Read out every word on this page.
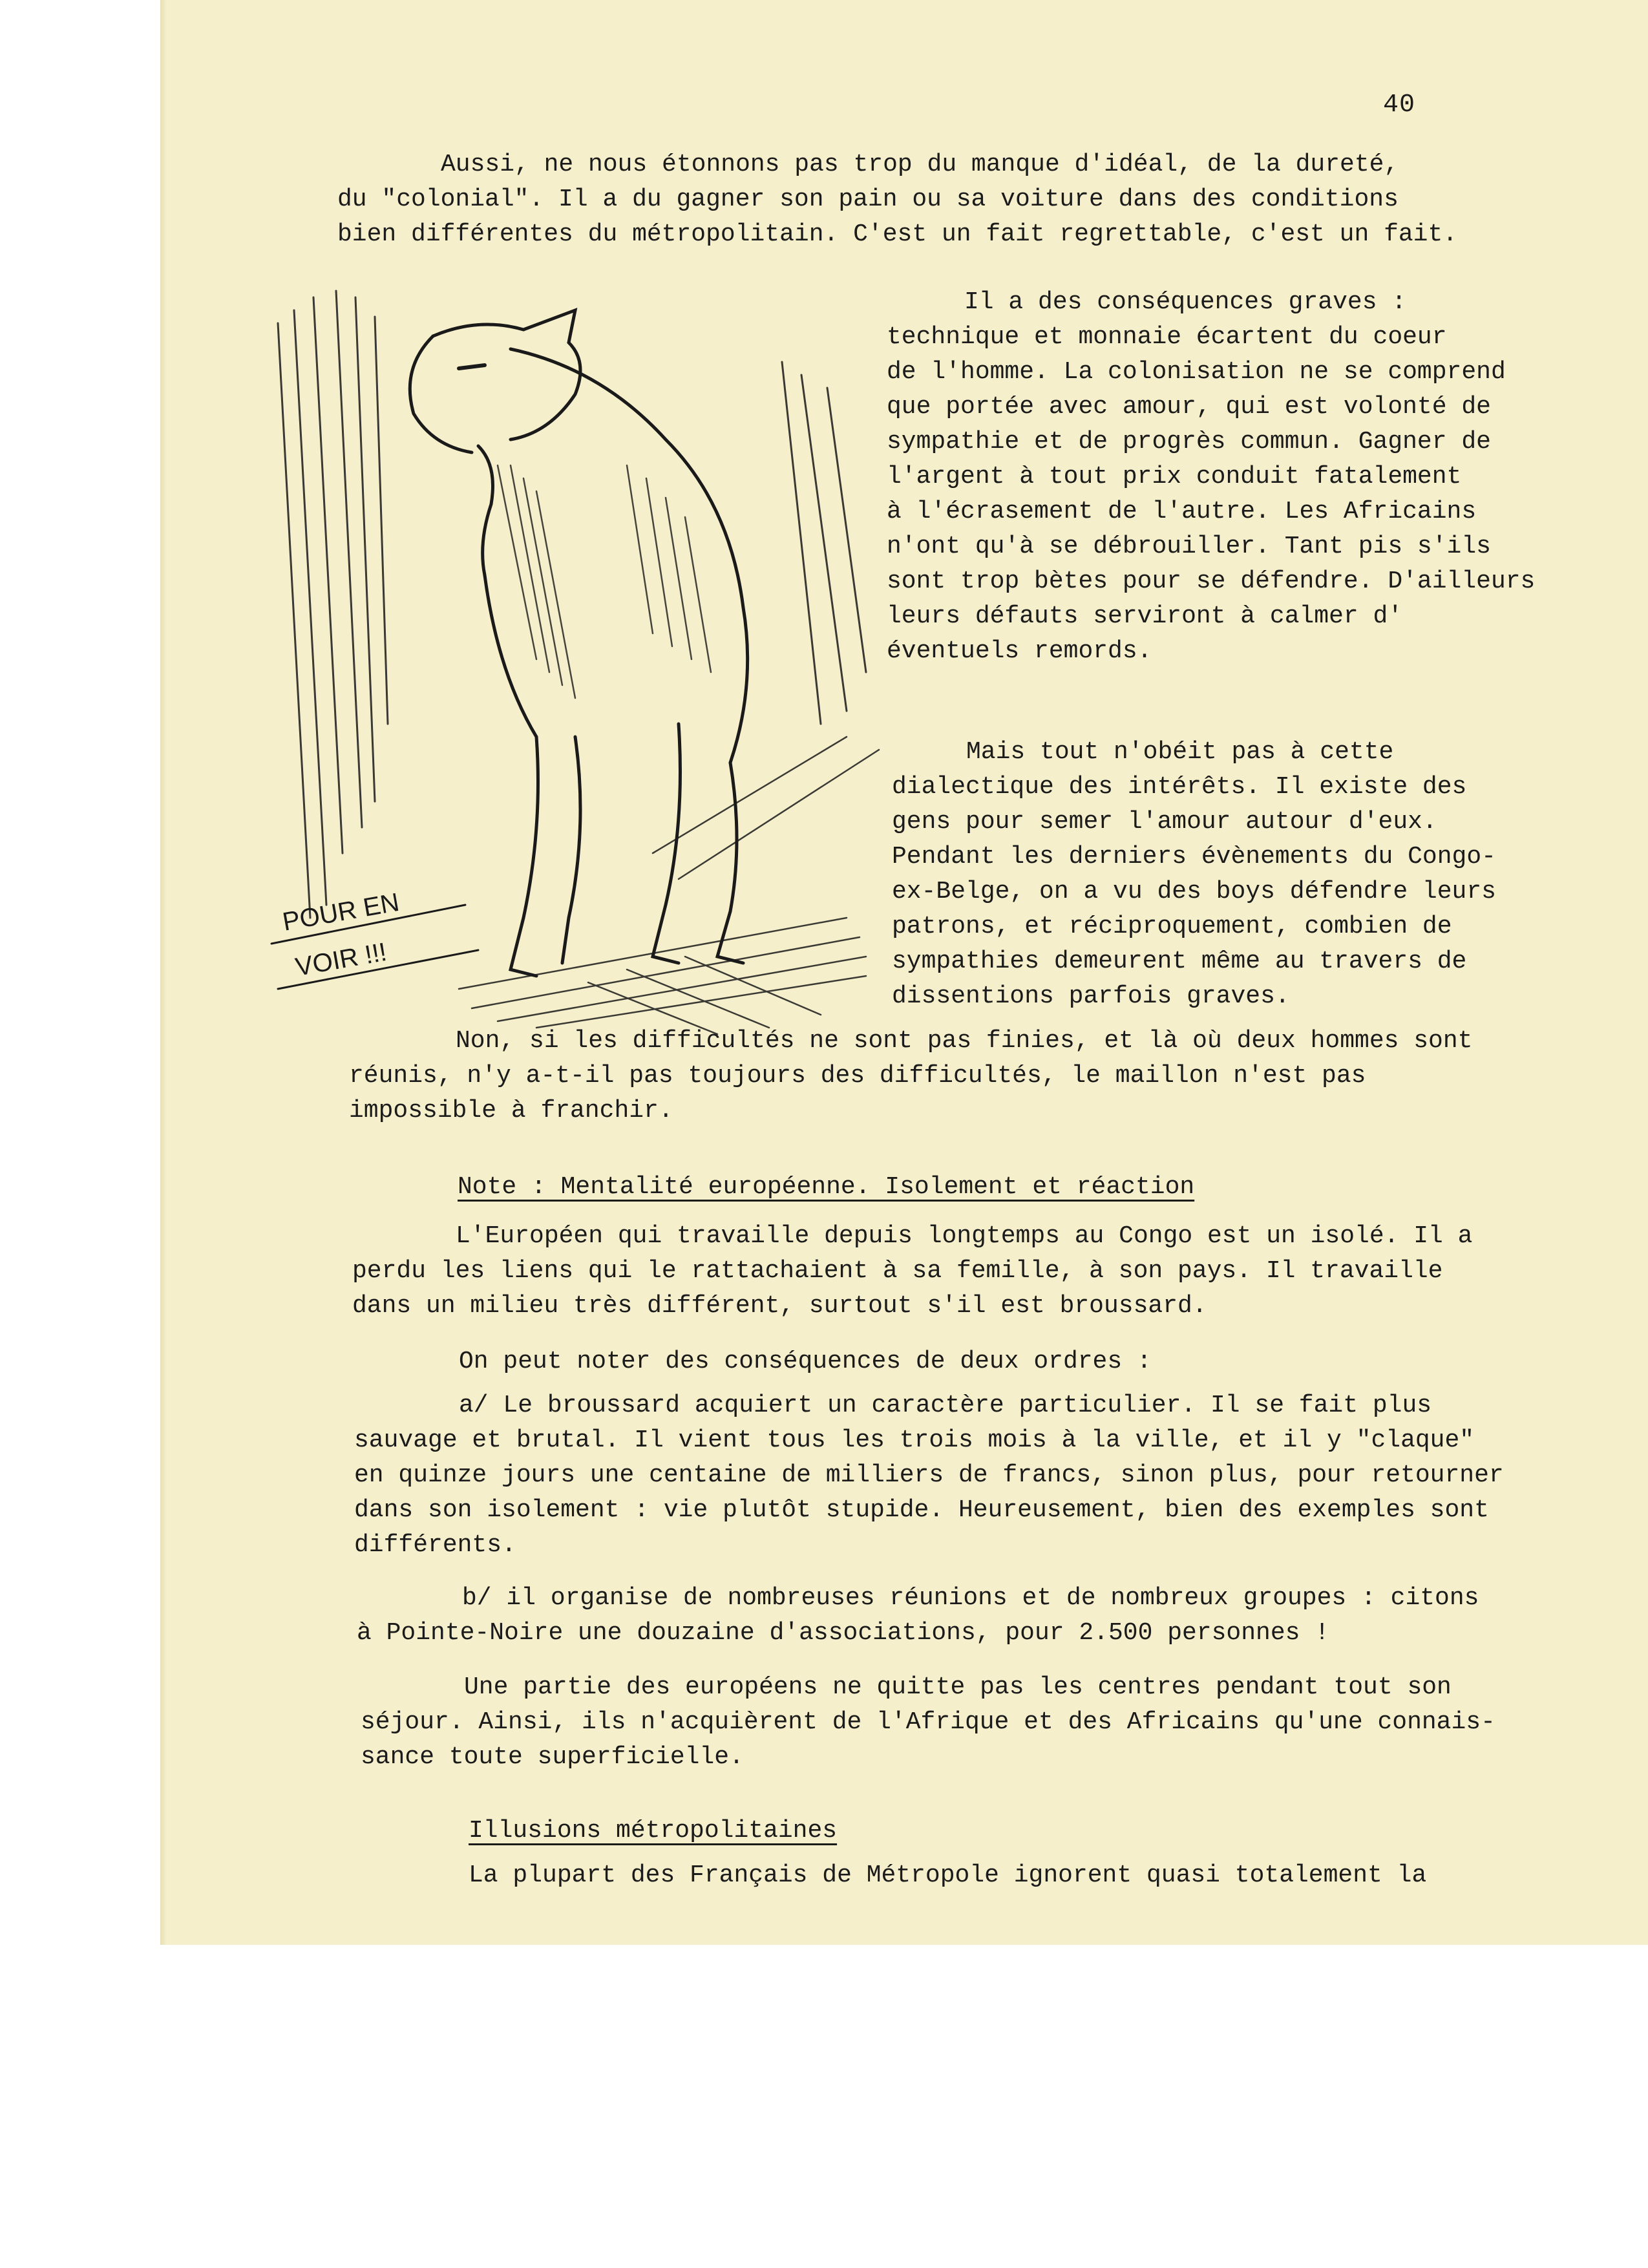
40

Aussi, ne nous étonnons pas trop du manque d'idéal, de la dureté,

du "colonial". Il a du gagner son pain ou sa voiture dans des conditions

bien différentes du métropolitain. C'est un fait regrettable, c'est un fait.

POUR EN
VOIR !!!

Il a des conséquences graves :

technique et monnaie écartent du coeur

de l'homme. La colonisation ne se comprend

que portée avec amour, qui est volonté de

sympathie et de progrès commun. Gagner de

l'argent à tout prix conduit fatalement

à l'écrasement de l'autre. Les Africains

n'ont qu'à se débrouiller. Tant pis s'ils

sont trop bètes pour se défendre. D'ailleurs

leurs défauts serviront à calmer d'

éventuels remords.

Mais tout n'obéit pas à cette

dialectique des intérêts. Il existe des

gens pour semer l'amour autour d'eux.

Pendant les derniers évènements du Congo-

ex-Belge, on a vu des boys défendre leurs

patrons, et réciproquement, combien de

sympathies demeurent même au travers de

dissentions parfois graves.

Non, si les difficultés ne sont pas finies, et là où deux hommes sont

réunis, n'y a-t-il pas toujours des difficultés, le maillon n'est pas

impossible à franchir.

Note : Mentalité européenne. Isolement et réaction

L'Européen qui travaille depuis longtemps au Congo est un isolé. Il a

perdu les liens qui le rattachaient à sa femille, à son pays. Il travaille

dans un milieu très différent, surtout s'il est broussard.

On peut noter des conséquences de deux ordres :

a/ Le broussard acquiert un caractère particulier. Il se fait plus

sauvage et brutal. Il vient tous les trois mois à la ville, et il y "claque"

en quinze jours une centaine de milliers de francs, sinon plus, pour retourner

dans son isolement : vie plutôt stupide. Heureusement, bien des exemples sont

différents.

b/ il organise de nombreuses réunions et de nombreux groupes : citons

à Pointe-Noire une douzaine d'associations, pour 2.500 personnes !

Une partie des européens ne quitte pas les centres pendant tout son

séjour. Ainsi, ils n'acquièrent de l'Afrique et des Africains qu'une connais-

sance toute superficielle.

Illusions métropolitaines

La plupart des Français de Métropole ignorent quasi totalement la
